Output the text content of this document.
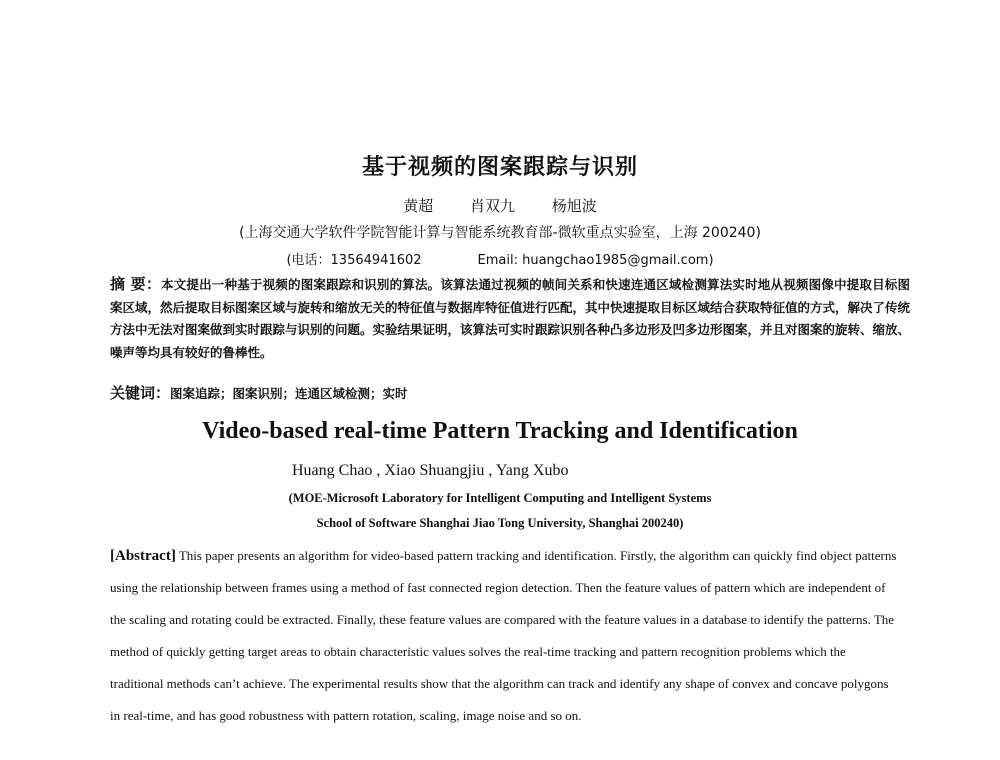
基于视频的图案跟踪与识别
黄超 肖双九 杨旭波
(上海交通大学软件学院智能计算与智能系统教育部-微软重点实验室，上海 200240)
(电话：13564941602	Email: huangchao1985@gmail.com)
摘 要：本文提出一种基于视频的图案跟踪和识别的算法。该算法通过视频的帧间关系和快速连通区域检测算法实时地从视频图像中提取目标图案区域，然后提取目标图案区域与旋转和缩放无关的特征值与数据库特征值进行匹配，其中快速提取目标区域结合获取特征值的方式，解决了传统方法中无法对图案做到实时跟踪与识别的问题。实验结果证明，该算法可实时跟踪识别各种凸多边形及凹多边形图案，并且对图案的旋转、缩放、噪声等均具有较好的鲁棒性。
关键词：图案追踪；图案识别；连通区域检测；实时
Video-based real-time Pattern Tracking and Identification
Huang Chao , Xiao Shuangjiu , Yang Xubo
(MOE-Microsoft Laboratory for Intelligent Computing and Intelligent Systems
School of Software Shanghai Jiao Tong University, Shanghai 200240)
[Abstract] This paper presents an algorithm for video-based pattern tracking and identification. Firstly, the algorithm can quickly find object patterns using the relationship between frames using a method of fast connected region detection. Then the feature values of pattern which are independent of the scaling and rotating could be extracted. Finally, these feature values are compared with the feature values in a database to identify the patterns. The method of quickly getting target areas to obtain characteristic values solves the real-time tracking and pattern recognition problems which the traditional methods can’t achieve. The experimental results show that the algorithm can track and identify any shape of convex and concave polygons in real-time, and has good robustness with pattern rotation, scaling, image noise and so on.
